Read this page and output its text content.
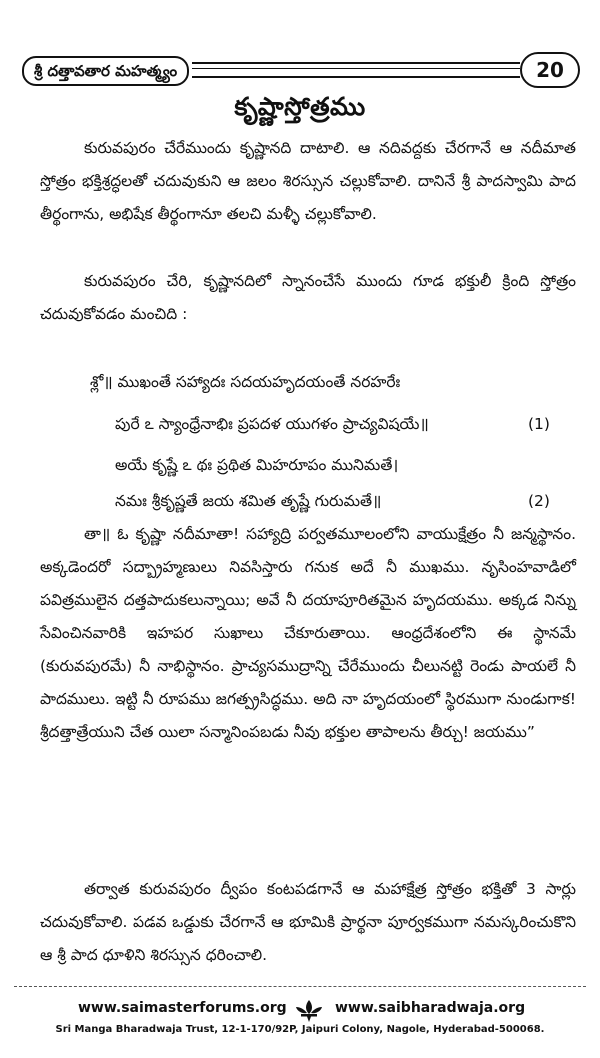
శ్రీ దత్తావతార మహత్మ్యం	20
కృష్ణాస్తోత్రము

కురువపురం చేరేముందు కృష్ణానది దాటాలి. ఆ నదివద్దకు చేరగానే ఆ నదీమాత స్తోత్రం భక్తిశ్రద్ధలతో చదువుకుని ఆ జలం శిరస్సున చల్లుకోవాలి. దానినే శ్రీ పాదస్వామి పాద తీర్థంగాను, అభిషేక తీర్థంగానూ తలచి మళ్ళీ చల్లుకోవాలి.

కురువపురం చేరి, కృష్ణానదిలో స్నానంచేసే ముందు గూడ భక్తులీ క్రింది స్తోత్రం చదువుకోవడం మంచిది :

శ్లో॥ ముఖంతే సహ్యాదః సదయహృదయంతే నరహరేః
పురే ఽ స్యాంధ్రేనాభిః ప్రపదళ యుగళం ప్రాచ్యవిషయే॥	(1)
అయే కృష్ణే ఽ థః ప్రథిత మిహరూపం మునిమతే।
నమః శ్రీకృష్ణతే జయ శమిత తృష్ణే గురుమతే॥	(2)

తా॥ ఓ కృష్ణా నదీమాతా! సహ్యాద్రి పర్వతమూలంలోని వాయుక్షేత్రం నీ జన్మస్థానం. అక్కడెందరో సద్బ్రాహ్మణులు నివసిస్తారు గనుక అదే నీ ముఖము. నృసింహవాడిలో పవిత్రములైన దత్తపాదుకలున్నాయి; అవే నీ దయాపూరితమైన హృదయము. అక్కడ నిన్ను సేవించినవారికి ఇహపర సుఖాలు చేకూరుతాయి. ఆంధ్రదేశంలోని ఈ స్థానమే (కురువపురమే) నీ నాభిస్థానం. ప్రాచ్యసముద్రాన్ని చేరేముందు చీలునట్టి రెండు పాయలే నీ పాదములు. ఇట్టి నీ రూపము జగత్ప్రసిద్ధము. అది నా హృదయంలో స్థిరముగా నుండుగాక! శ్రీదత్తాత్రేయుని చేత యిలా సన్మానింపబడు నీవు భక్తుల తాపాలను తీర్చు! జయము”

తర్వాత కురువపురం ద్వీపం కంటపడగానే ఆ మహాక్షేత్ర స్తోత్రం భక్తితో 3 సార్లు చదువుకోవాలి. పడవ ఒడ్డుకు చేరగానే ఆ భూమికి ప్రార్థనా పూర్వకముగా నమస్కరించుకొని ఆ శ్రీ పాద ధూళిని శిరస్సున ధరించాలి.

www.saimasterforums.org	www.saibharadwaja.org
Sri Manga Bharadwaja Trust, 12-1-170/92P, Jaipuri Colony, Nagole, Hyderabad-500068.
